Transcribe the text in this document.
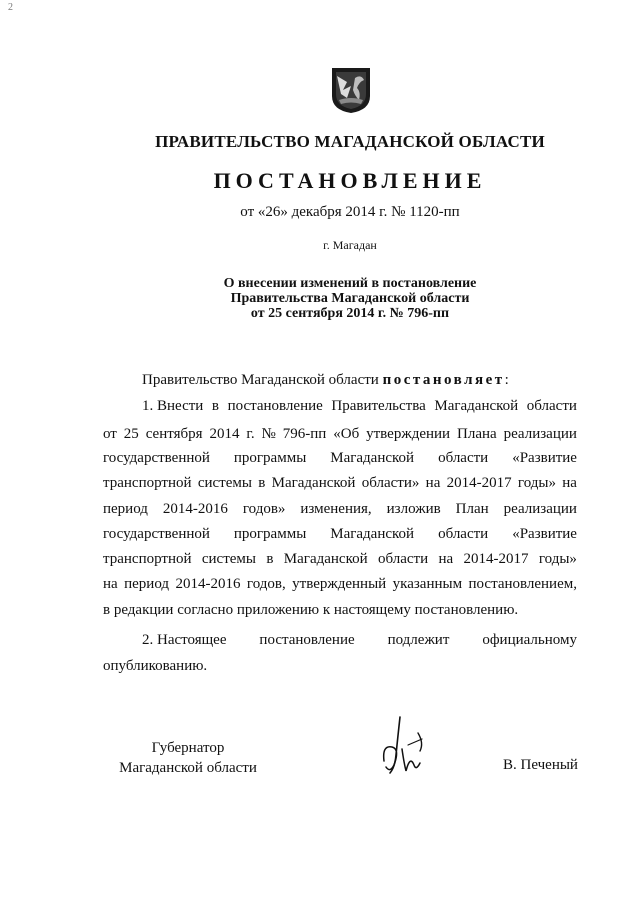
2
ПРАВИТЕЛЬСТВО МАГАДАНСКОЙ ОБЛАСТИ
ПОСТАНОВЛЕНИЕ
от «26» декабря 2014 г. № 1120-пп
г. Магадан
О внесении изменений в постановление
Правительства Магаданской области
от 25 сентября 2014 г. № 796-пп
Правительство Магаданской области постановляет:
1. Внести в постановление Правительства Магаданской области
от 25 сентября 2014 г. № 796-пп «Об утверждении Плана реализации
государственной программы Магаданской области «Развитие
транспортной системы в Магаданской области» на 2014-2017 годы» на
период 2014-2016 годов» изменения, изложив План реализации
государственной программы Магаданской области «Развитие
транспортной системы в Магаданской области на 2014-2017 годы»
на период 2014-2016 годов, утвержденный указанным постановлением,
в редакции согласно приложению к настоящему постановлению.
2. Настоящее постановление подлежит официальному
опубликованию.
Губернатор
Магаданской области	В. Печеный
